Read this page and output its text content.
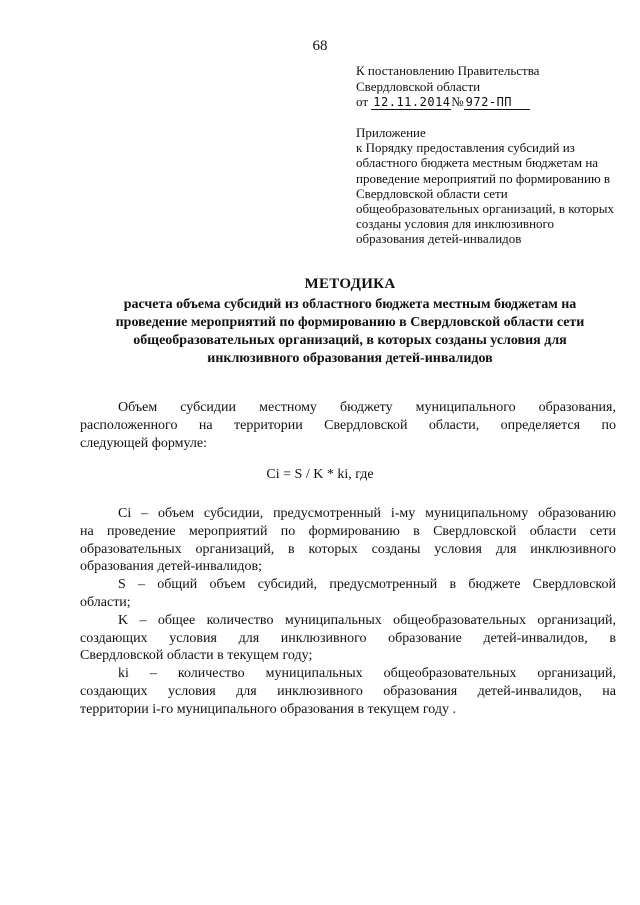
68
К постановлению Правительства
Свердловской области
от 12.11.2014№ 972-ПП
Приложение
к Порядку предоставления субсидий из
областного бюджета местным бюджетам на
проведение мероприятий по формированию в
Свердловской области сети
общеобразовательных организаций, в которых
созданы условия для инклюзивного
образования детей-инвалидов
МЕТОДИКА
расчета объема субсидий из областного бюджета местным бюджетам на
проведение мероприятий по формированию в Свердловской области сети
общеобразовательных организаций, в которых созданы условия для
инклюзивного образования детей-инвалидов
Объем субсидии местному бюджету муниципального образования,
расположенного на территории Свердловской области, определяется по
следующей формуле:
Ci = S / K * ki, где
Ci – объем субсидии, предусмотренный i-му муниципальному образованию
на проведение мероприятий по формированию в Свердловской области сети
образовательных организаций, в которых созданы условия для инклюзивного
образования детей-инвалидов;
S – общий объем субсидий, предусмотренный в бюджете Свердловской
области;
K – общее количество муниципальных общеобразовательных организаций,
создающих условия для инклюзивного образование детей-инвалидов, в
Свердловской области в текущем году;
ki – количество муниципальных общеобразовательных организаций,
создающих условия для инклюзивного образования детей-инвалидов, на
территории i-го муниципального образования в текущем году .
